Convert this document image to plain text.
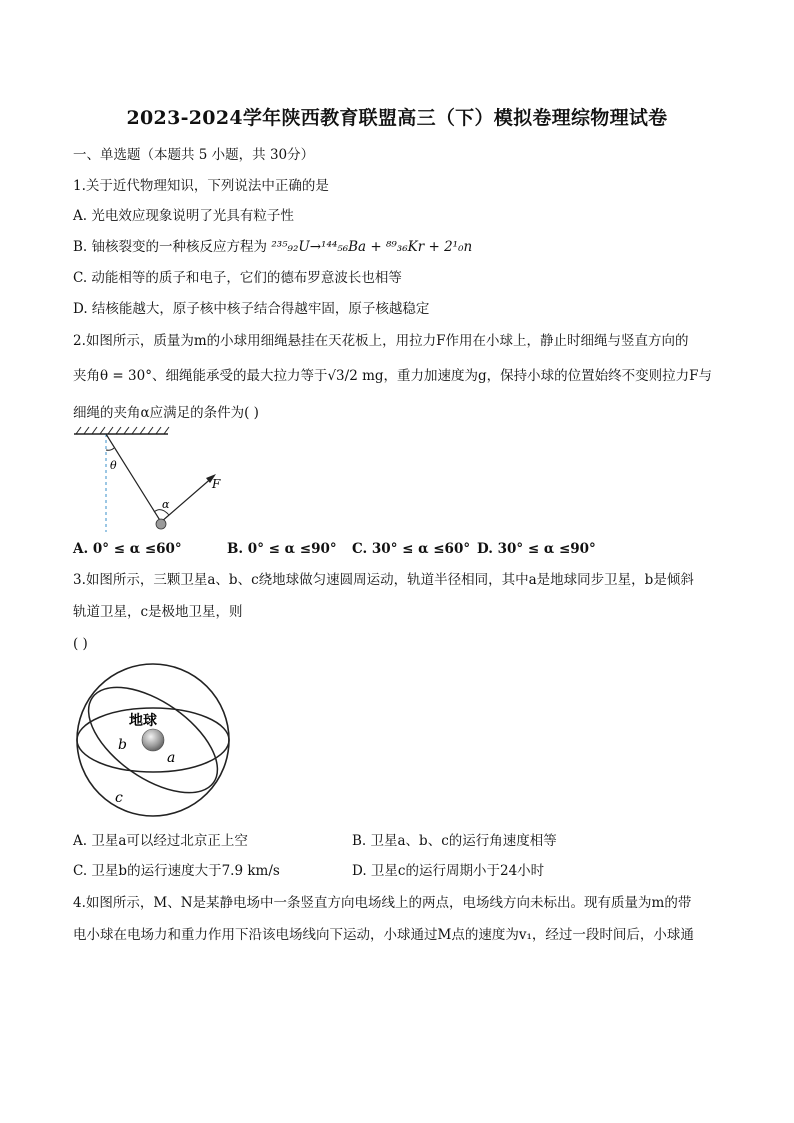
2023-2024学年陕西教育联盟高三（下）模拟卷理综物理试卷
一、单选题（本题共 5 小题，共 30分）
1.关于近代物理知识，下列说法中正确的是
A. 光电效应现象说明了光具有粒子性
B. 铀核裂变的一种核反应方程为 ²³⁵₉₂U→¹⁴⁴₅₆Ba + ⁸⁹₃₆Kr + 2¹₀n
C. 动能相等的质子和电子，它们的德布罗意波长也相等
D. 结核能越大，原子核中核子结合得越牢固，原子核越稳定
2.如图所示，质量为m的小球用细绳悬挂在天花板上，用拉力F作用在小球上，静止时细绳与竖直方向的
夹角θ = 30°、细绳能承受的最大拉力等于√3/2 mg，重力加速度为g，保持小球的位置始终不变则拉力F与
细绳的夹角α应满足的条件为( )
θ
F
α
A. 0° ≤ α ≤60°	B. 0° ≤ α ≤90° C. 30° ≤ α ≤60° D. 30° ≤ α ≤90°
3.如图所示，三颗卫星a、b、c绕地球做匀速圆周运动，轨道半径相同，其中a是地球同步卫星，b是倾斜
轨道卫星，c是极地卫星，则
( )
地球
b
a
c
A. 卫星a可以经过北京正上空	B. 卫星a、b、c的运行角速度相等
C. 卫星b的运行速度大于7.9 km/s	D. 卫星c的运行周期小于24小时
4.如图所示，M、N是某静电场中一条竖直方向电场线上的两点，电场线方向未标出。现有质量为m的带
电小球在电场力和重力作用下沿该电场线向下运动，小球通过M点的速度为v₁，经过一段时间后，小球通
